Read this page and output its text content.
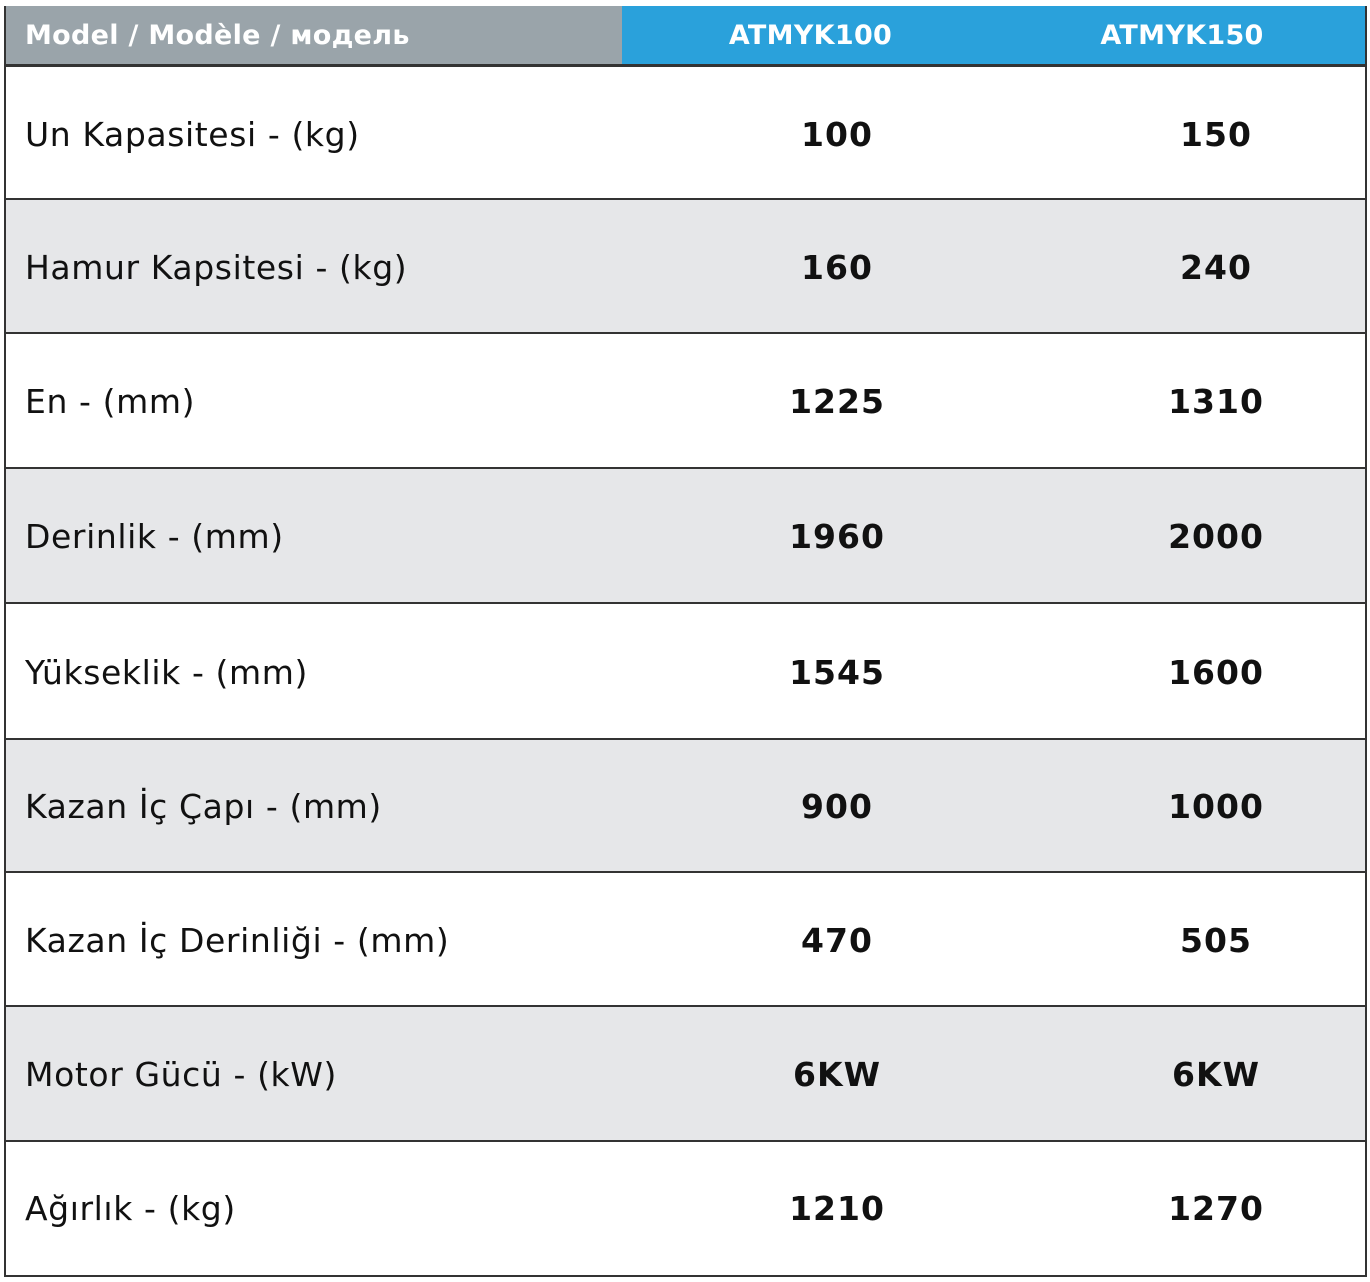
Model / Modèle / модель	ATMYK100	ATMYK150
Un Kapasitesi - (kg)	100	150
Hamur Kapsitesi - (kg)	160	240
En - (mm)	1225	1310
Derinlik - (mm)	1960	2000
Yükseklik - (mm)	1545	1600
Kazan İç Çapı - (mm)	900	1000
Kazan İç Derinliği - (mm)	470	505
Motor Gücü - (kW)	6KW	6KW
Ağırlık - (kg)	1210	1270
